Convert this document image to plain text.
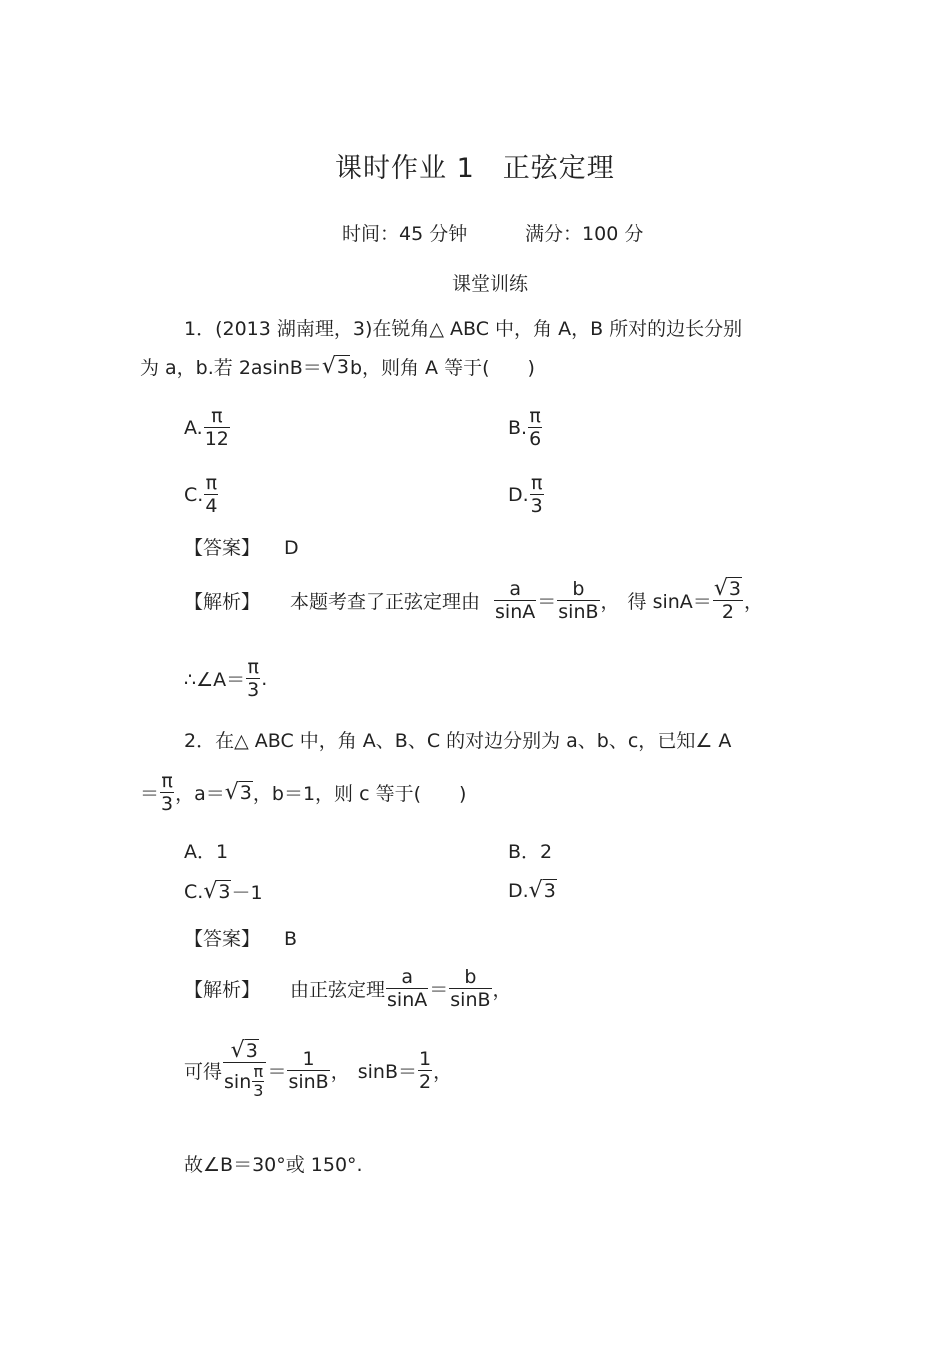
课时作业 1　正弦定理
时间：45 分钟	满分：100 分
课堂训练
1．(2013 湖南理，3)在锐角△ ABC 中，角 A，B 所对的边长分别
为 a，b.若 2asinB＝ √3 b，则角 A 等于(　　)
A. $\frac{\pi}{12}$	B. $\frac{\pi}{6}$
C. $\frac{\pi}{4}$	D. $\frac{\pi}{3}$
【答案】 D
【解析】 本题考查了正弦定理由 $\frac{a}{\sin A} = \frac{b}{\sin B}$ ， 得 $\sin A= \frac{√3}{2}$ ，
∴∠A＝ $\frac{\pi}{3}$ .
2．在△ ABC 中，角 A、B、C 的对边分别为 a、b、c，已知∠ A
＝ $\frac{\pi}{3}$ ，a＝ √3 ，b＝1，则 c 等于(　　)
A．1	B．2
C. √3 －1	D. √3
【答案】 B
【解析】 由正弦定理 $\frac{a}{\sin A} = \frac{b}{\sin B}$ ，
可得 $\frac{√3}{\sin \frac{\pi}{3}} = \frac{1}{\sin B}$ ， $\sin B= \frac{1}{2}$ ，
故∠B＝30°或 150°.
